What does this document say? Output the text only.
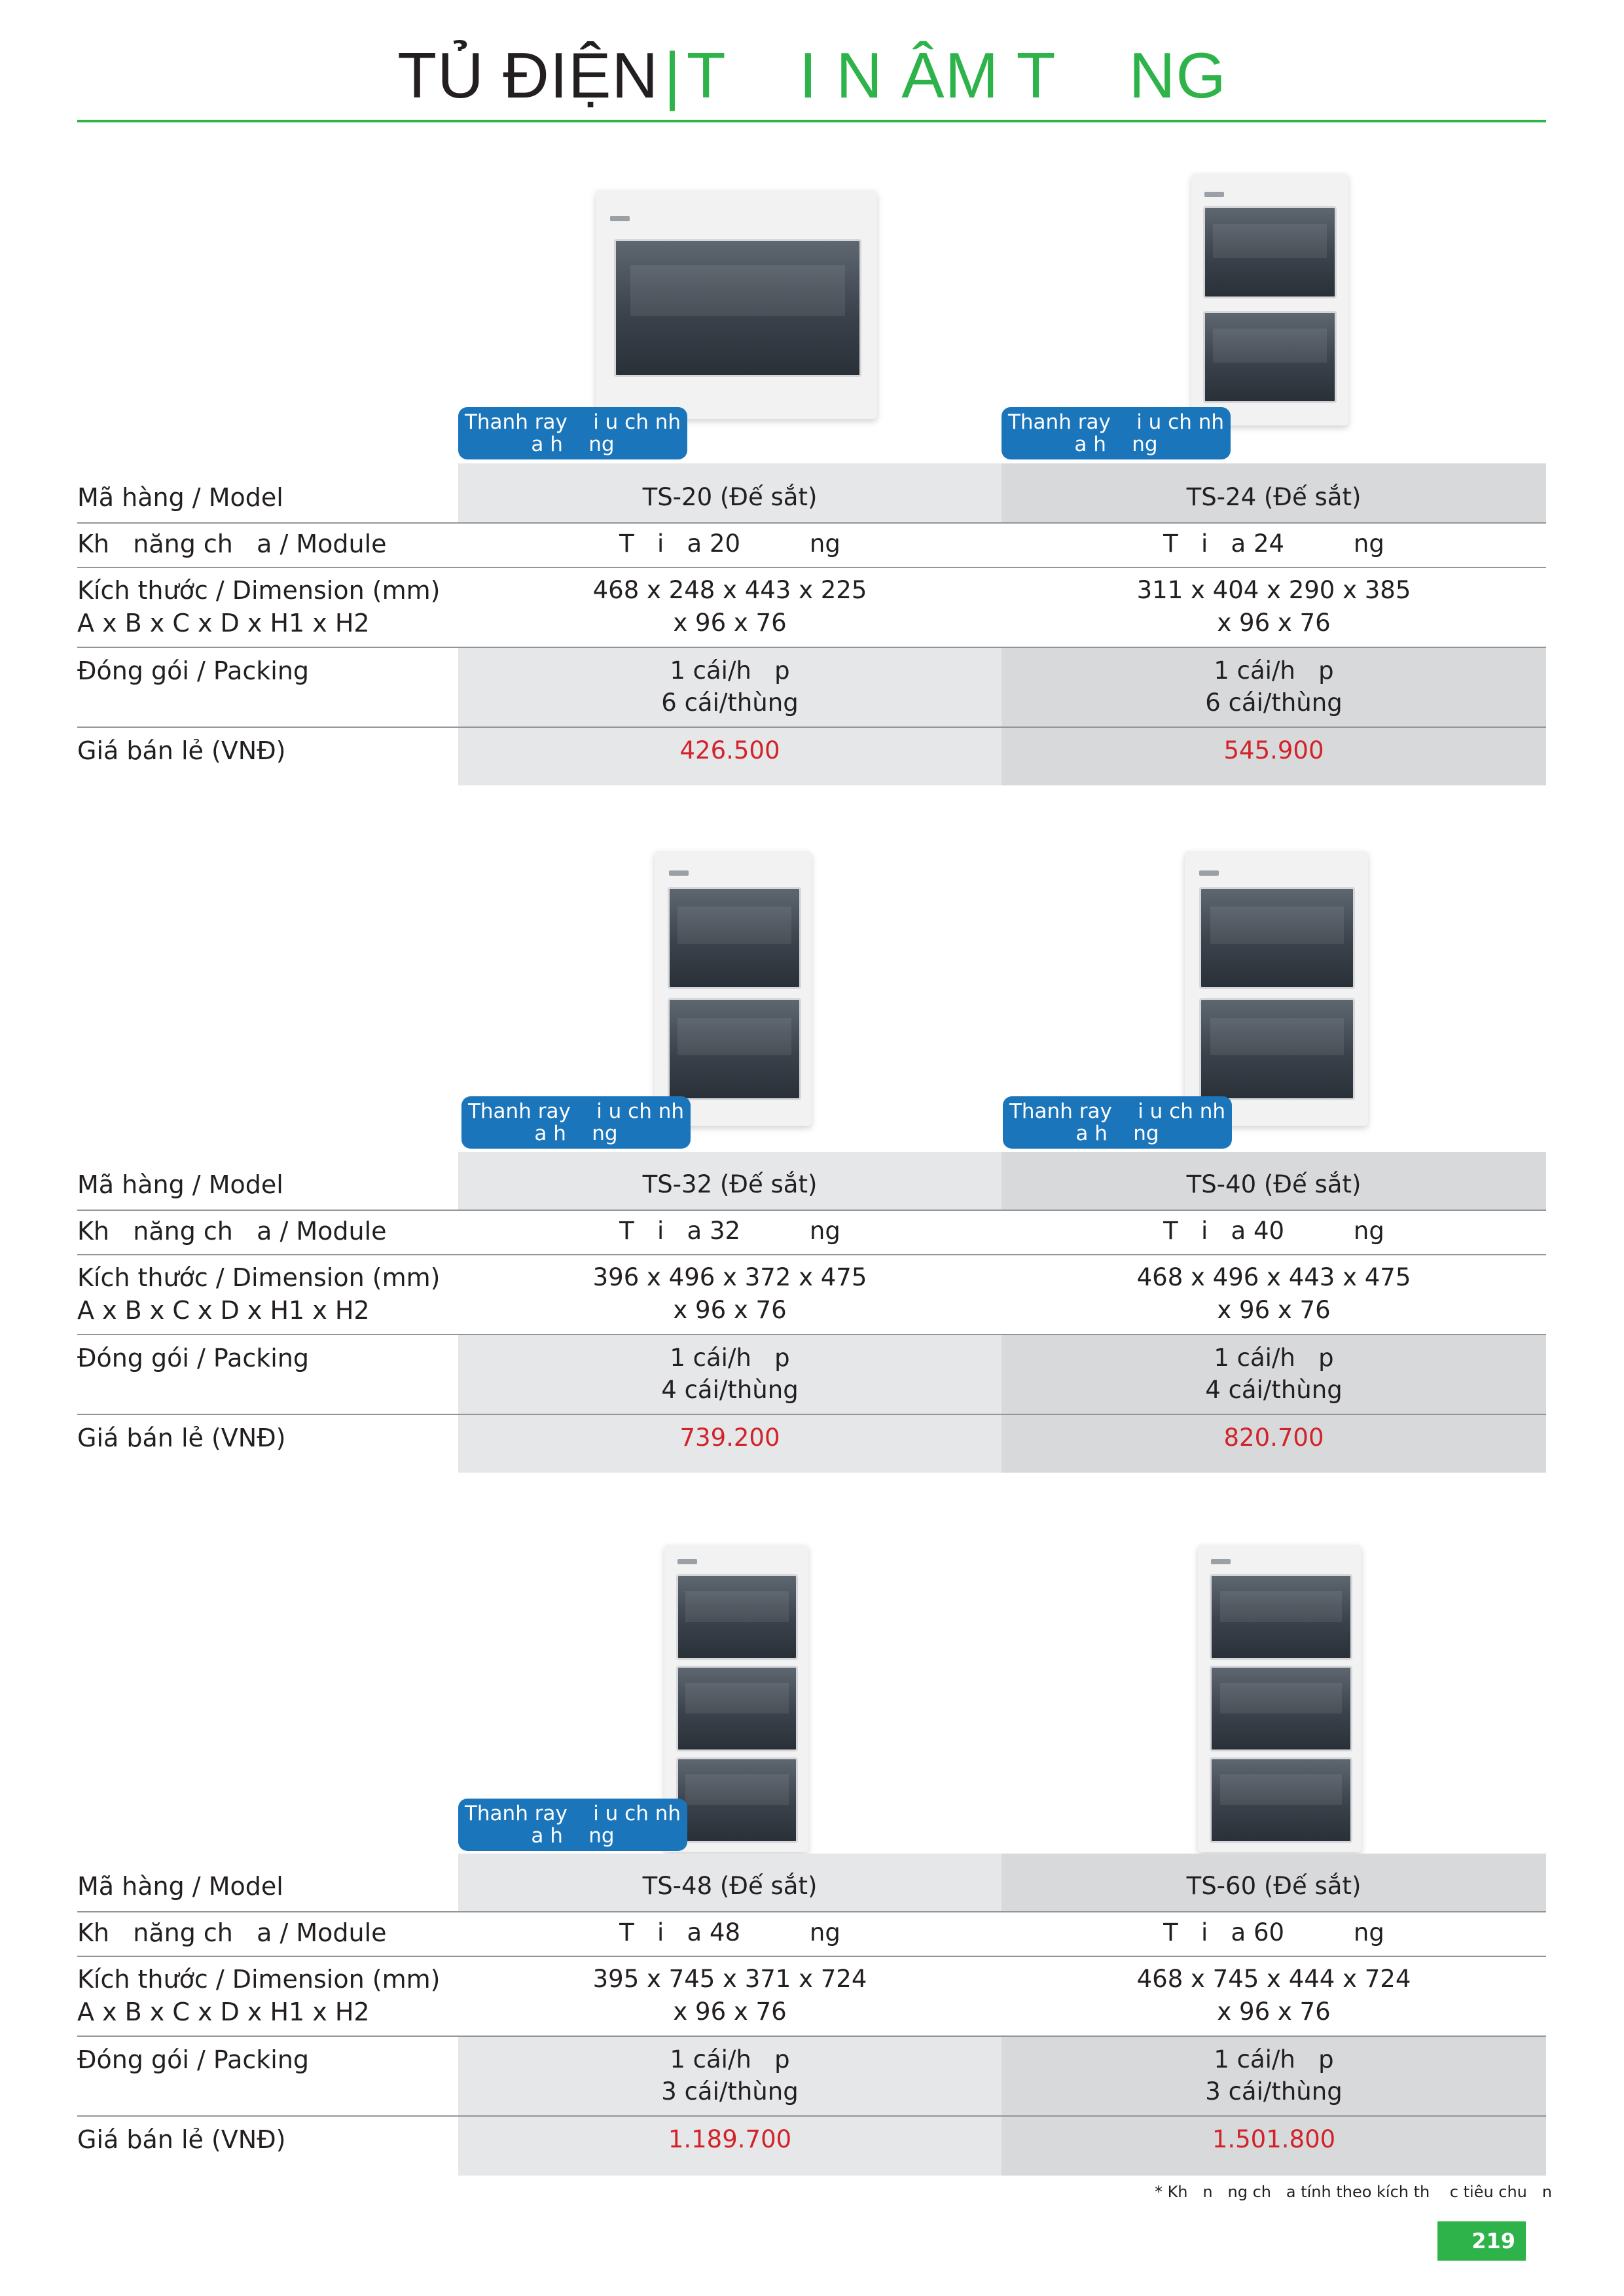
TỦ ĐIỆN|T    I N ÂM T    NG
Thanh ray    i u ch nh
a h    ng
Thanh ray    i u ch nh
a h    ng
Mã hàng / Model
Kh   năng ch   a / Module
Kích thước / Dimension (mm)
A x B x C x D x H1 x H2
Đóng gói / Packing
Giá bán lẻ (VNĐ)
TS-20 (Đế sắt)
T   i   a 20         ng
468 x 248 x 443 x 225
x 96 x 76
1 cái/h   p
6 cái/thùng
426.500
TS-24 (Đế sắt)
T   i   a 24         ng
311 x 404 x 290 x 385
x 96 x 76
1 cái/h   p
6 cái/thùng
545.900
Thanh ray    i u ch nh
a h    ng
Thanh ray    i u ch nh
a h    ng
Mã hàng / Model
Kh   năng ch   a / Module
Kích thước / Dimension (mm)
A x B x C x D x H1 x H2
Đóng gói / Packing
Giá bán lẻ (VNĐ)
TS-32 (Đế sắt)
T   i   a 32         ng
396 x 496 x 372 x 475
x 96 x 76
1 cái/h   p
4 cái/thùng
739.200
TS-40 (Đế sắt)
T   i   a 40         ng
468 x 496 x 443 x 475
x 96 x 76
1 cái/h   p
4 cái/thùng
820.700
Thanh ray    i u ch nh
a h    ng
Mã hàng / Model
Kh   năng ch   a / Module
Kích thước / Dimension (mm)
A x B x C x D x H1 x H2
Đóng gói / Packing
Giá bán lẻ (VNĐ)
TS-48 (Đế sắt)
T   i   a 48         ng
395 x 745 x 371 x 724
x 96 x 76
1 cái/h   p
3 cái/thùng
1.189.700
TS-60 (Đế sắt)
T   i   a 60         ng
468 x 745 x 444 x 724
x 96 x 76
1 cái/h   p
3 cái/thùng
1.501.800
* Kh   n   ng ch   a tính theo kích th    c tiêu chu   n
219
